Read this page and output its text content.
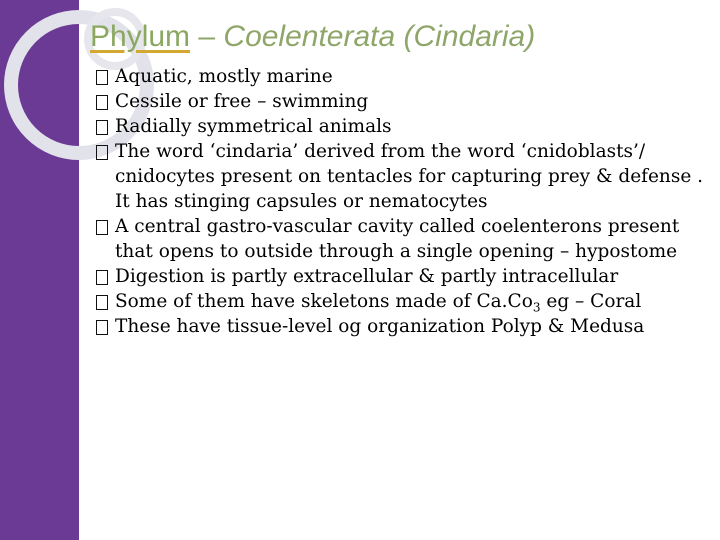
Phylum – Coelenterata (Cindaria)
Aquatic, mostly marine
Cessile or free – swimming
Radially symmetrical animals
The word ‘cindaria’ derived from the word ‘cnidoblasts’/ cnidocytes present on tentacles for capturing prey & defense . It has stinging capsules or nematocytes
A central gastro-vascular cavity called coelenterons present that opens to outside through a single opening – hypostome
Digestion is partly extracellular & partly intracellular
Some of them have skeletons made of $Ca.Co_3$ eg – Coral
These have tissue-level og organization Polyp & Medusa
